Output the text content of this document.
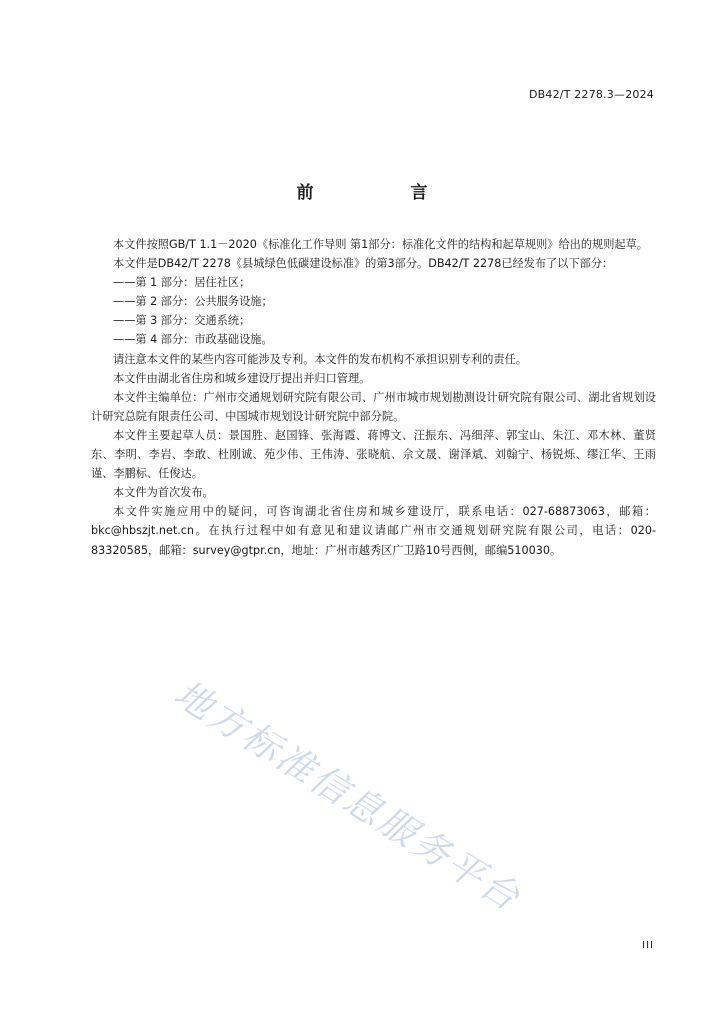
DB42/T 2278.3—2024
前　言

本文件按照GB/T 1.1－2020《标准化工作导则 第1部分：标准化文件的结构和起草规则》给出的规则起草。

本文件是DB42/T 2278《县城绿色低碳建设标准》的第3部分。DB42/T 2278已经发布了以下部分：

——第 1 部分：居住社区；

——第 2 部分：公共服务设施；

——第 3 部分：交通系统；

——第 4 部分：市政基础设施。

请注意本文件的某些内容可能涉及专利。本文件的发布机构不承担识别专利的责任。

本文件由湖北省住房和城乡建设厅提出并归口管理。

本文件主编单位：广州市交通规划研究院有限公司、广州市城市规划勘测设计研究院有限公司、湖北省规划设计研究总院有限责任公司、中国城市规划设计研究院中部分院。

本文件主要起草人员：景国胜、赵国锋、张海霞、蒋博文、汪振东、冯细萍、郭宝山、朱江、邓木林、董贤东、李明、李岩、李敢、杜刚诚、苑少伟、王伟涛、张晓航、佘文晟、谢泽斌、刘翰宁、杨锐烁、缪江华、王雨谨、李鹏标、任俊达。

本文件为首次发布。

本文件实施应用中的疑问，可咨询湖北省住房和城乡建设厅，联系电话：027-68873063，邮箱：bkc@hbszjt.net.cn。在执行过程中如有意见和建议请邮广州市交通规划研究院有限公司，电话：020-83320585，邮箱：survey@gtpr.cn，地址：广州市越秀区广卫路10号西侧，邮编510030。

地方标准信息服务平台
III
